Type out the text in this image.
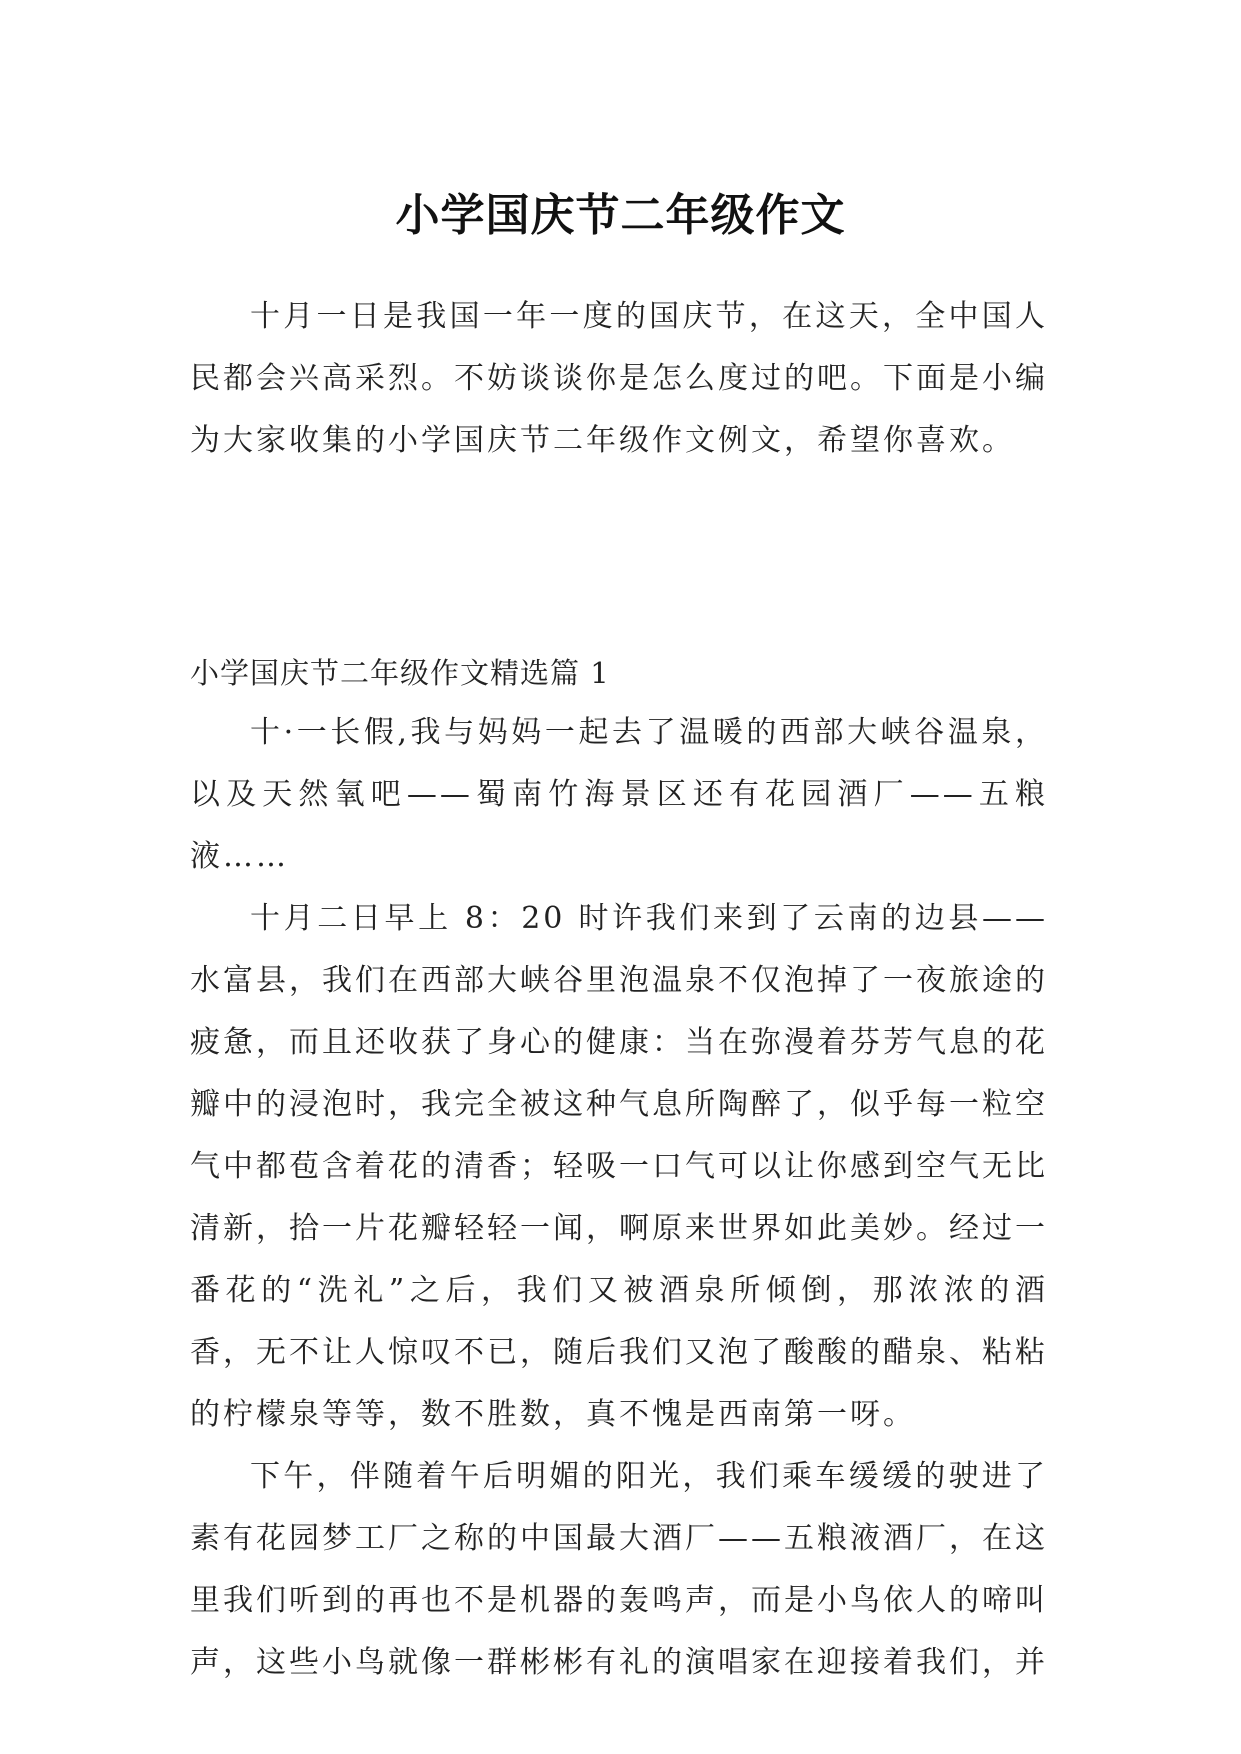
小学国庆节二年级作文

十月一日是我国一年一度的国庆节，在这天，全中国人民都会兴高采烈。不妨谈谈你是怎么度过的吧。下面是小编为大家收集的小学国庆节二年级作文例文，希望你喜欢。

小学国庆节二年级作文精选篇 1

十·一长假,我与妈妈一起去了温暖的西部大峡谷温泉，以及天然氧吧——蜀南竹海景区还有花园酒厂——五粮液……

十月二日早上 8：20 时许我们来到了云南的边县——水富县，我们在西部大峡谷里泡温泉不仅泡掉了一夜旅途的疲惫，而且还收获了身心的健康：当在弥漫着芬芳气息的花瓣中的浸泡时，我完全被这种气息所陶醉了，似乎每一粒空气中都苞含着花的清香；轻吸一口气可以让你感到空气无比清新，拾一片花瓣轻轻一闻，啊原来世界如此美妙。经过一番花的“洗礼”之后，我们又被酒泉所倾倒，那浓浓的酒香，无不让人惊叹不已，随后我们又泡了酸酸的醋泉、粘粘的柠檬泉等等，数不胜数，真不愧是西南第一呀。

下午，伴随着午后明媚的阳光，我们乘车缓缓的驶进了素有花园梦工厂之称的中国最大酒厂——五粮液酒厂，在这里我们听到的再也不是机器的轰鸣声，而是小鸟依人的啼叫声，这些小鸟就像一群彬彬有礼的演唱家在迎接着我们，并
